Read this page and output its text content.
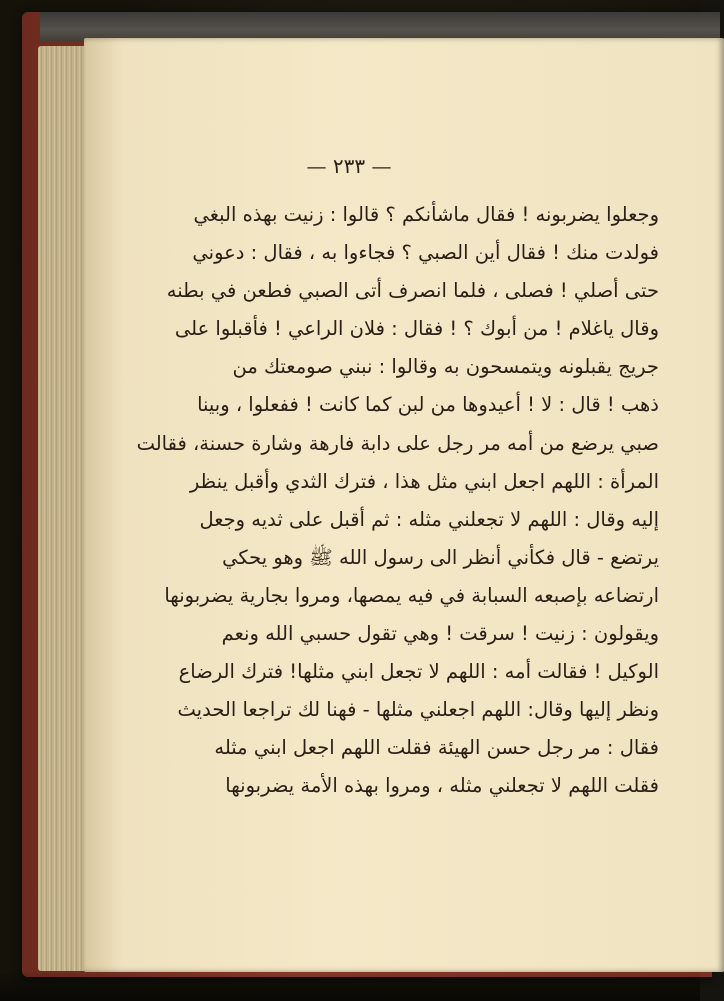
— ٢٣٣ —
وجعلوا يضربونه ! فقال ماشأنكم ؟ قالوا : زنيت بهذه البغي
فولدت منك ! فقال أين الصبي ؟ فجاءوا به ، فقال : دعوني
حتى أصلي ! فصلى ، فلما انصرف أتى الصبي فطعن في بطنه
وقال ياغلام ! من أبوك ؟ ! فقال : فلان الراعي ! فأقبلوا على
جريج يقبلونه ويتمسحون به وقالوا : نبني صومعتك من
ذهب ! قال : لا ! أعيدوها من لبن كما كانت ! ففعلوا ، وبينا
صبي يرضع من أمه مر رجل على دابة فارهة وشارة حسنة، فقالت
المرأة : اللهم اجعل ابني مثل هذا ، فترك الثدي وأقبل ينظر
إليه وقال : اللهم لا تجعلني مثله : ثم أقبل على ثديه وجعل
يرتضع - قال فكأني أنظر الى رسول الله ﷺ وهو يحكي
ارتضاعه بإصبعه السبابة في فيه يمصها، ومروا بجارية يضربونها
ويقولون : زنيت ! سرقت ! وهي تقول حسبي الله ونعم
الوكيل ! فقالت أمه : اللهم لا تجعل ابني مثلها! فترك الرضاع
ونظر إليها وقال: اللهم اجعلني مثلها - فهنا لك تراجعا الحديث
فقال : مر رجل حسن الهيئة فقلت اللهم اجعل ابني مثله
فقلت اللهم لا تجعلني مثله ، ومروا بهذه الأمة يضربونها
